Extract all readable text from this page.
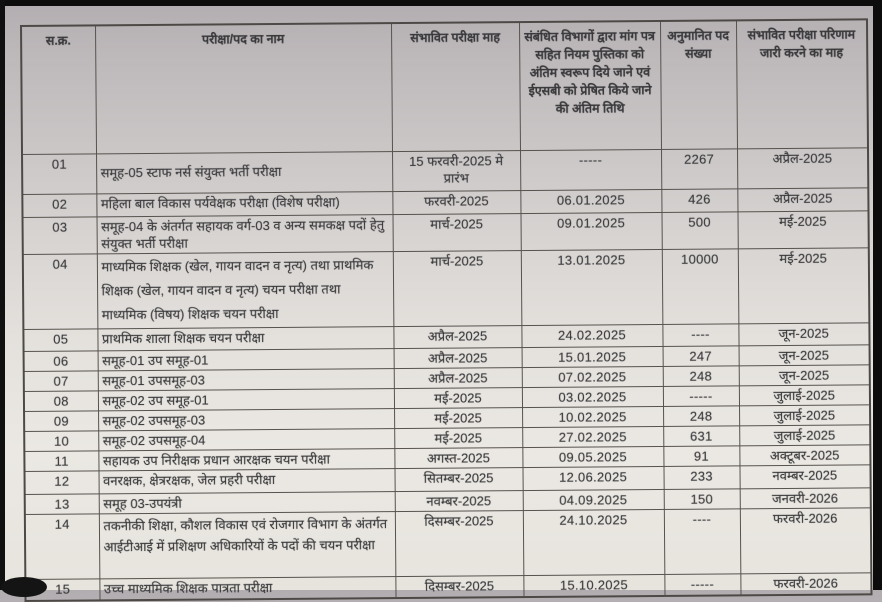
स.क्र.	परीक्षा/पद का नाम	संभावित परीक्षा माह	संबंधित विभागों द्वारा मांग पत्र सहित नियम पुस्तिका को अंतिम स्वरूप दिये जाने एवं ईएसबी को प्रेषित किये जाने की अंतिम तिथि	अनुमानित पद संख्या	संभावित परीक्षा परिणाम जारी करने का माह
01	समूह-05 स्टाफ नर्स संयुक्त भर्ती परीक्षा	15 फरवरी-2025 मे प्रारंभ	-----	2267	अप्रैल-2025
02	महिला बाल विकास पर्यवेक्षक परीक्षा (विशेष परीक्षा)	फरवरी-2025	06.01.2025	426	अप्रैल-2025
03	समूह-04 के अंतर्गत सहायक वर्ग-03 व अन्य समकक्ष पदों हेतु संयुक्त भर्ती परीक्षा	मार्च-2025	09.01.2025	500	मई-2025
04	माध्यमिक शिक्षक (खेल, गायन वादन व नृत्य) तथा प्राथमिक शिक्षक (खेल, गायन वादन व नृत्य) चयन परीक्षा तथा माध्यमिक (विषय) शिक्षक चयन परीक्षा	मार्च-2025	13.01.2025	10000	मई-2025
05	प्राथमिक शाला शिक्षक चयन परीक्षा	अप्रैल-2025	24.02.2025	----	जून-2025
06	समूह-01 उप समूह-01	अप्रैल-2025	15.01.2025	247	जून-2025
07	समूह-01 उपसमूह-03	अप्रैल-2025	07.02.2025	248	जून-2025
08	समूह-02 उप समूह-01	मई-2025	03.02.2025	-----	जुलाई-2025
09	समूह-02 उपसमूह-03	मई-2025	10.02.2025	248	जुलाई-2025
10	समूह-02 उपसमूह-04	मई-2025	27.02.2025	631	जुलाई-2025
11	सहायक उप निरीक्षक प्रधान आरक्षक चयन परीक्षा	अगस्त-2025	09.05.2025	91	अक्टूबर-2025
12	वनरक्षक, क्षेत्ररक्षक, जेल प्रहरी परीक्षा	सितम्बर-2025	12.06.2025	233	नवम्बर-2025
13	समूह 03-उपयंत्री	नवम्बर-2025	04.09.2025	150	जनवरी-2026
14	तकनीकी शिक्षा, कौशल विकास एवं रोजगार विभाग के अंतर्गत आईटीआई में प्रशिक्षण अधिकारियों के पदों की चयन परीक्षा	दिसम्बर-2025	24.10.2025	----	फरवरी-2026
15	उच्च माध्यमिक शिक्षक पात्रता परीक्षा	दिसम्बर-2025	15.10.2025	-----	फरवरी-2026
